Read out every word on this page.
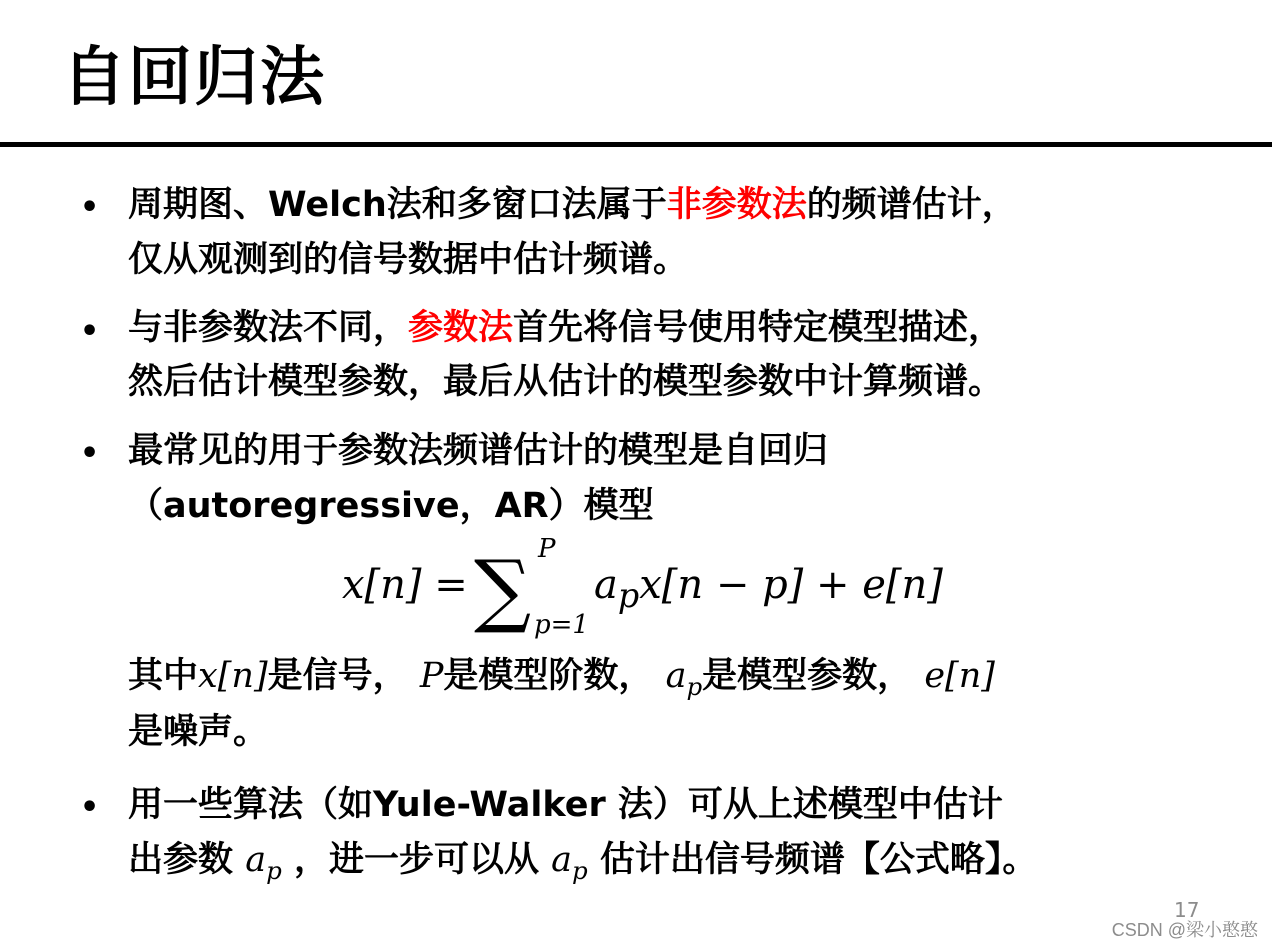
自回归法
• 周期图、Welch法和多窗口法属于非参数法的频谱估计，
仅从观测到的信号数据中估计频谱。
• 与非参数法不同，参数法首先将信号使用特定模型描述，
然后估计模型参数，最后从估计的模型参数中计算频谱。
• 最常见的用于参数法频谱估计的模型是自回归
（autoregressive，AR）模型
x[n] = ∑ P
p=1
$a_px[n - p] + e[n]$
其中x[n]是信号， P是模型阶数， $a_p$是模型参数， e[n]
是噪声。
• 用一些算法（如Yule-Walker 法）可从上述模型中估计
出参数 $a_p$ ，进一步可以从 $a_p$ 估计出信号频谱【公式略】。
17
CSDN @梁小憨憨
